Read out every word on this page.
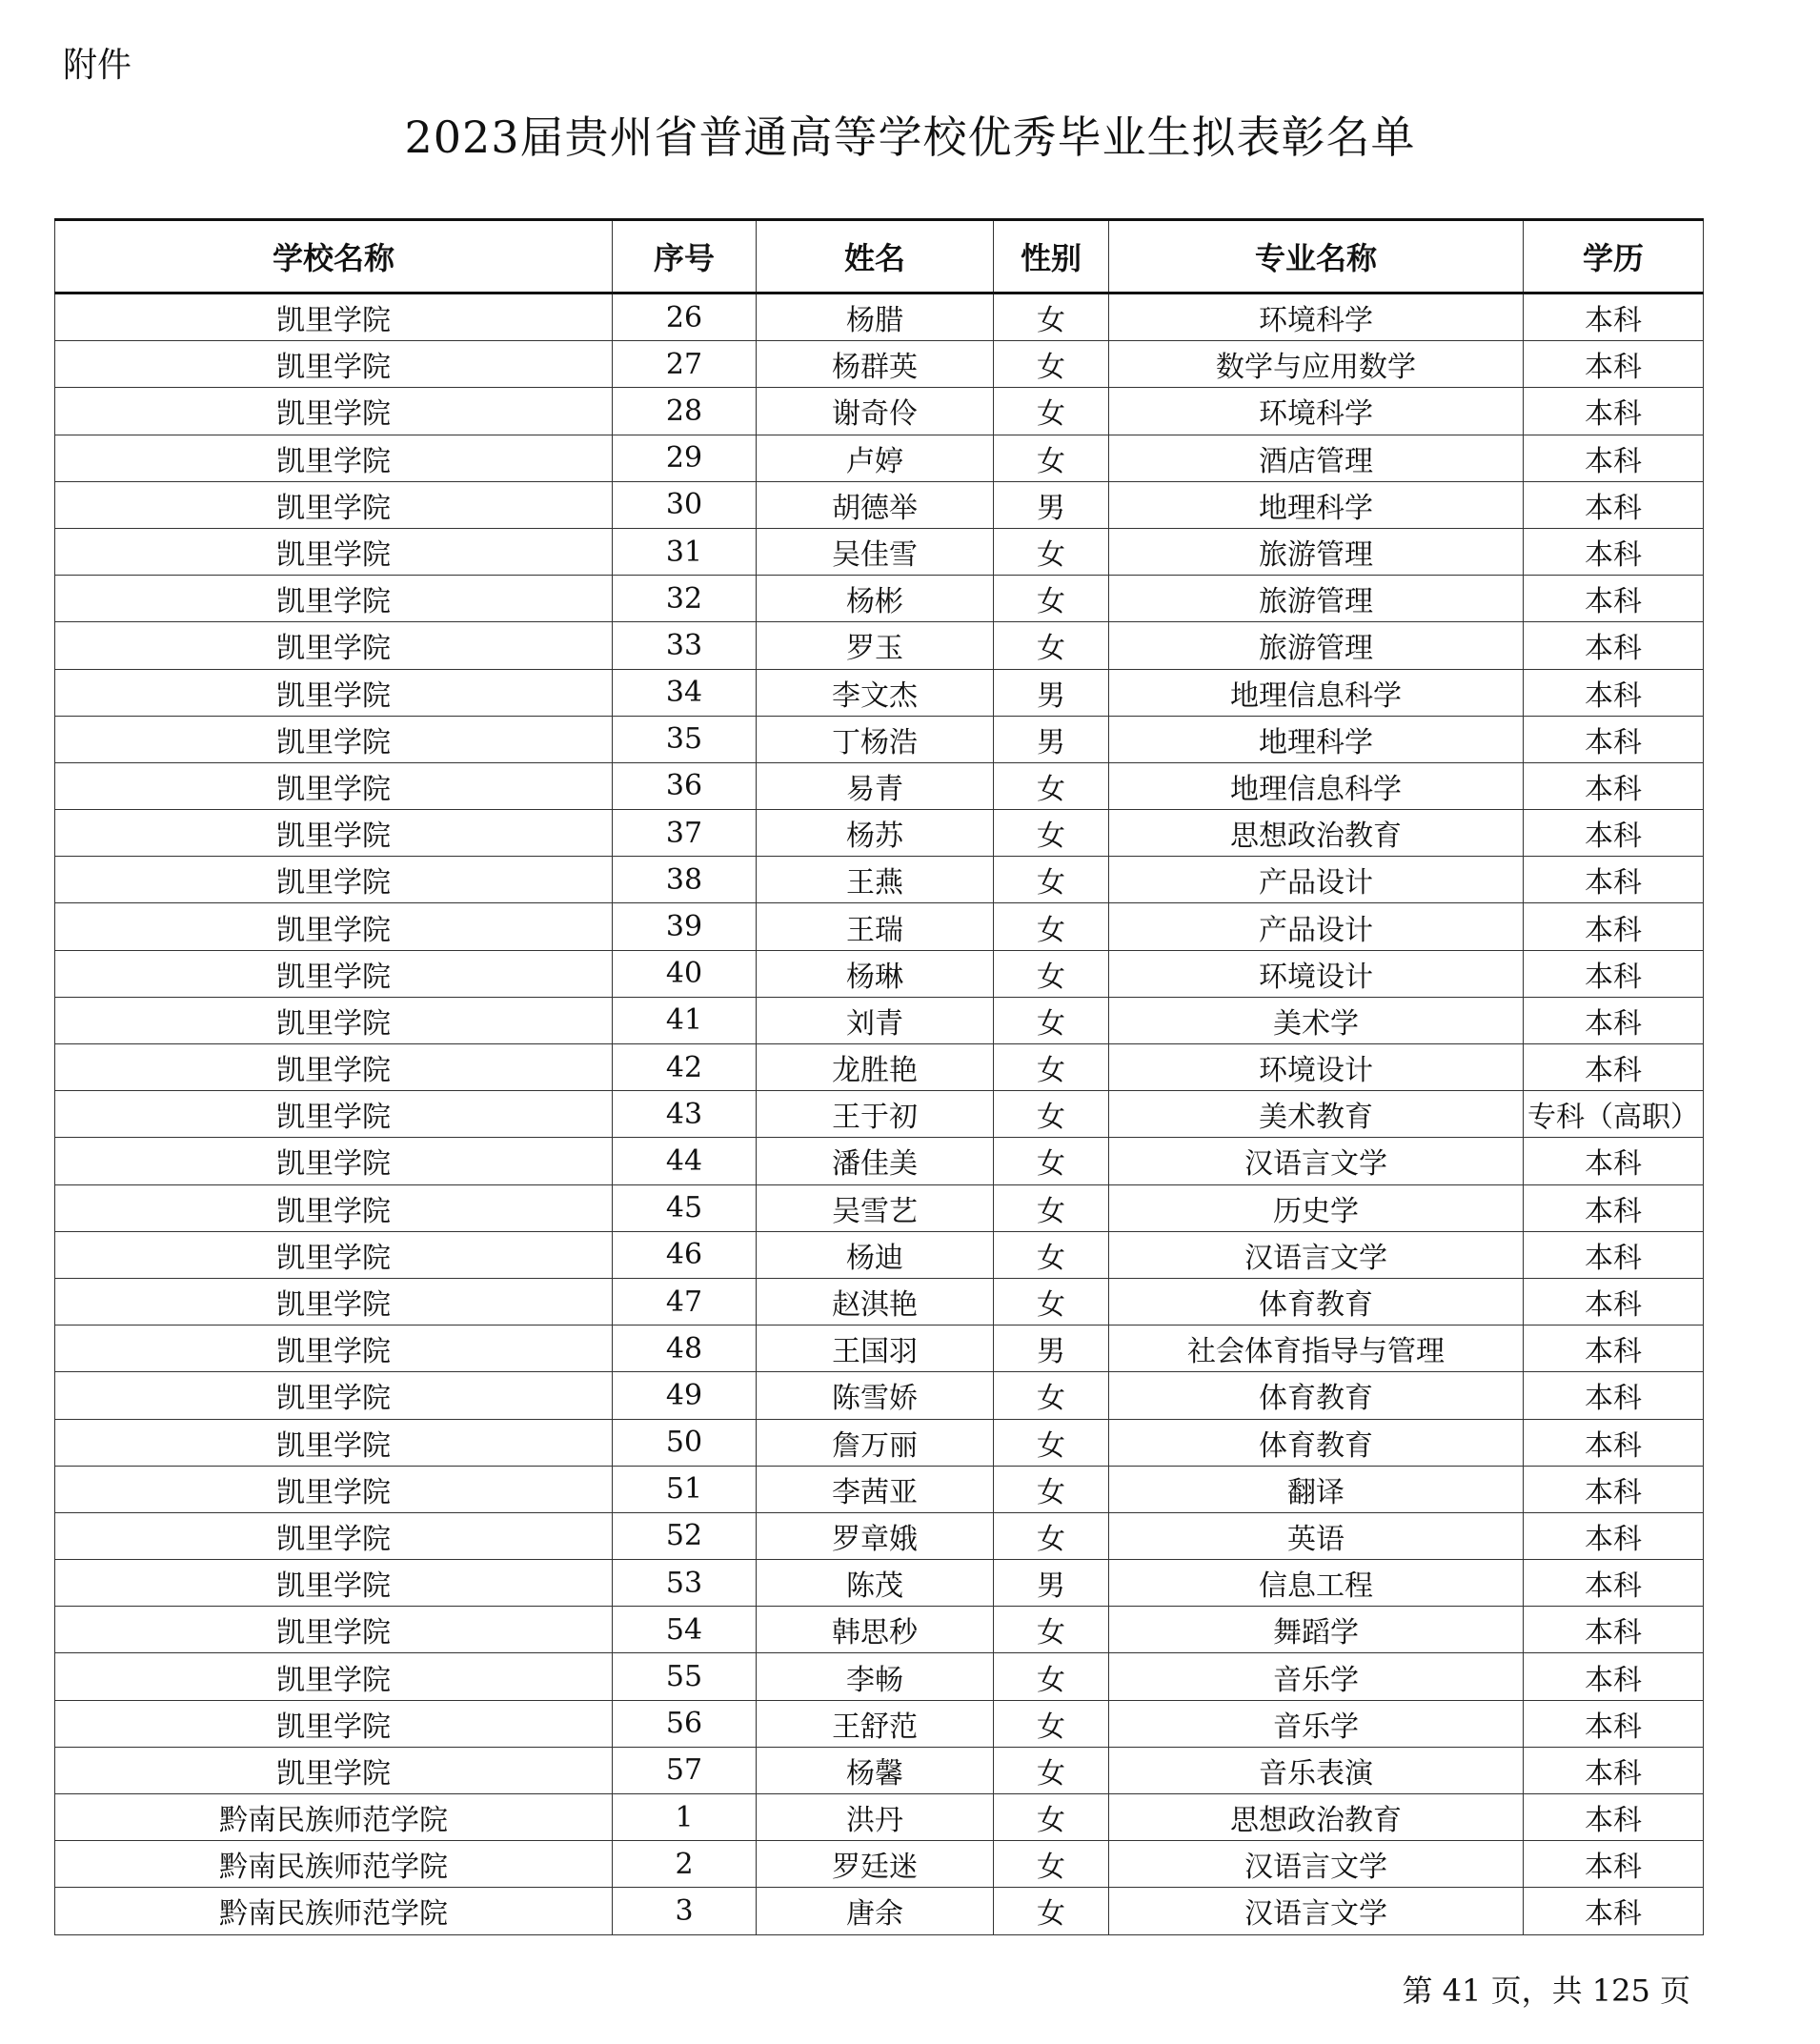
附件
2023届贵州省普通高等学校优秀毕业生拟表彰名单
学校名称	序号	姓名	性别	专业名称	学历
凯里学院	26	杨腊	女	环境科学	本科
凯里学院	27	杨群英	女	数学与应用数学	本科
凯里学院	28	谢奇伶	女	环境科学	本科
凯里学院	29	卢婷	女	酒店管理	本科
凯里学院	30	胡德举	男	地理科学	本科
凯里学院	31	吴佳雪	女	旅游管理	本科
凯里学院	32	杨彬	女	旅游管理	本科
凯里学院	33	罗玉	女	旅游管理	本科
凯里学院	34	李文杰	男	地理信息科学	本科
凯里学院	35	丁杨浩	男	地理科学	本科
凯里学院	36	易青	女	地理信息科学	本科
凯里学院	37	杨苏	女	思想政治教育	本科
凯里学院	38	王燕	女	产品设计	本科
凯里学院	39	王瑞	女	产品设计	本科
凯里学院	40	杨琳	女	环境设计	本科
凯里学院	41	刘青	女	美术学	本科
凯里学院	42	龙胜艳	女	环境设计	本科
凯里学院	43	王于初	女	美术教育	专科（高职）
凯里学院	44	潘佳美	女	汉语言文学	本科
凯里学院	45	吴雪艺	女	历史学	本科
凯里学院	46	杨迪	女	汉语言文学	本科
凯里学院	47	赵淇艳	女	体育教育	本科
凯里学院	48	王国羽	男	社会体育指导与管理	本科
凯里学院	49	陈雪娇	女	体育教育	本科
凯里学院	50	詹万丽	女	体育教育	本科
凯里学院	51	李茜亚	女	翻译	本科
凯里学院	52	罗章娥	女	英语	本科
凯里学院	53	陈茂	男	信息工程	本科
凯里学院	54	韩思秒	女	舞蹈学	本科
凯里学院	55	李畅	女	音乐学	本科
凯里学院	56	王舒范	女	音乐学	本科
凯里学院	57	杨馨	女	音乐表演	本科
黔南民族师范学院	1	洪丹	女	思想政治教育	本科
黔南民族师范学院	2	罗廷迷	女	汉语言文学	本科
黔南民族师范学院	3	唐余	女	汉语言文学	本科
第 41 页，共 125 页
